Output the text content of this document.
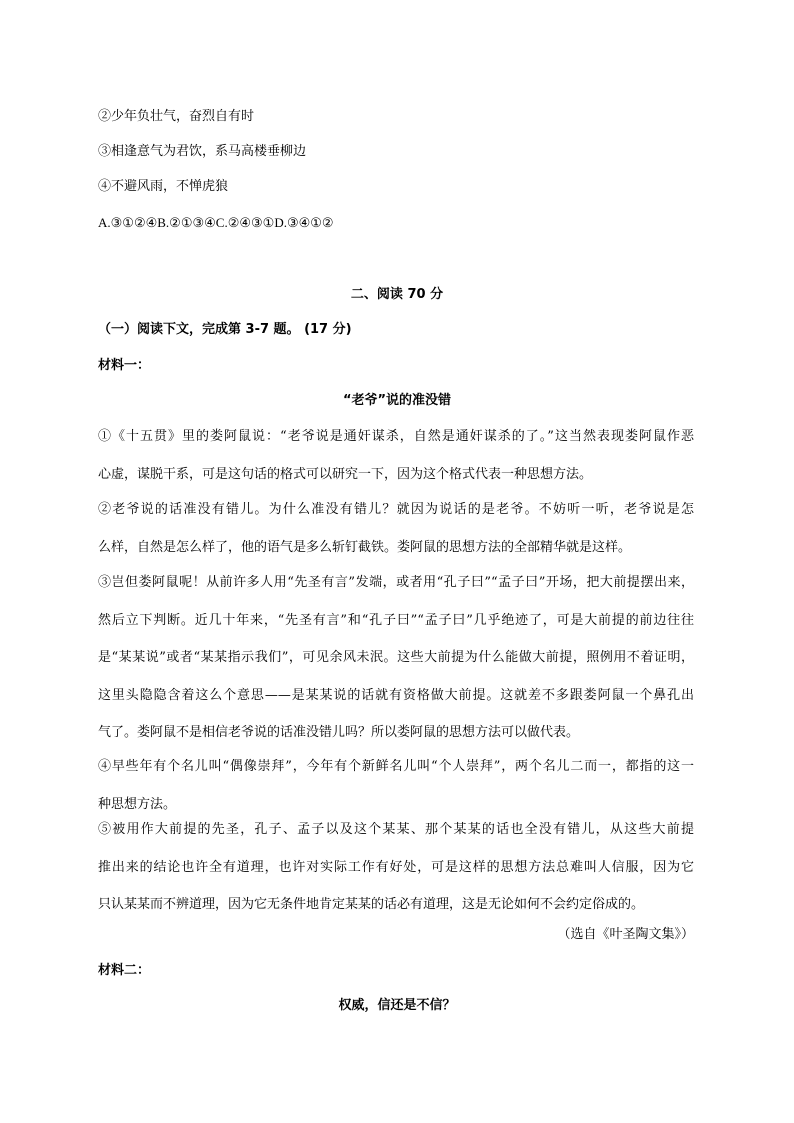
②少年负壮气，奋烈自有时
③相逢意气为君饮，系马高楼垂柳边
④不避风雨，不惮虎狼
A.③①②④B.②①③④C.②④③①D.③④①②
二、阅读 70 分
（一）阅读下文，完成第 3-7 题。 (17 分)
材料一：
“老爷”说的准没错
①《十五贯》里的娄阿鼠说：“老爷说是通奸谋杀，自然是通奸谋杀的了。”这当然表现娄阿鼠作恶
心虚，谋脱干系，可是这句话的格式可以研究一下，因为这个格式代表一种思想方法。
②老爷说的话准没有错儿。为什么准没有错儿？就因为说话的是老爷。不妨听一听，老爷说是怎
么样，自然是怎么样了，他的语气是多么斩钉截铁。娄阿鼠的思想方法的全部精华就是这样。
③岂但娄阿鼠呢！从前许多人用“先圣有言”发端，或者用“孔子曰”“孟子曰”开场，把大前提摆出来，
然后立下判断。近几十年来，“先圣有言”和“孔子曰”“孟子曰”几乎绝迹了，可是大前提的前边往往
是“某某说”或者“某某指示我们”，可见余风未泯。这些大前提为什么能做大前提，照例用不着证明，
这里头隐隐含着这么个意思——是某某说的话就有资格做大前提。这就差不多跟娄阿鼠一个鼻孔出
气了。娄阿鼠不是相信老爷说的话准没错儿吗？所以娄阿鼠的思想方法可以做代表。
④早些年有个名儿叫“偶像崇拜”，今年有个新鲜名儿叫“个人崇拜”，两个名儿二而一，都指的这一
种思想方法。
⑤被用作大前提的先圣，孔子、孟子以及这个某某、那个某某的话也全没有错儿，从这些大前提
推出来的结论也许全有道理，也许对实际工作有好处，可是这样的思想方法总难叫人信服，因为它
只认某某而不辨道理，因为它无条件地肯定某某的话必有道理，这是无论如何不会约定俗成的。
（选自《叶圣陶文集》）
材料二：
权威，信还是不信？
